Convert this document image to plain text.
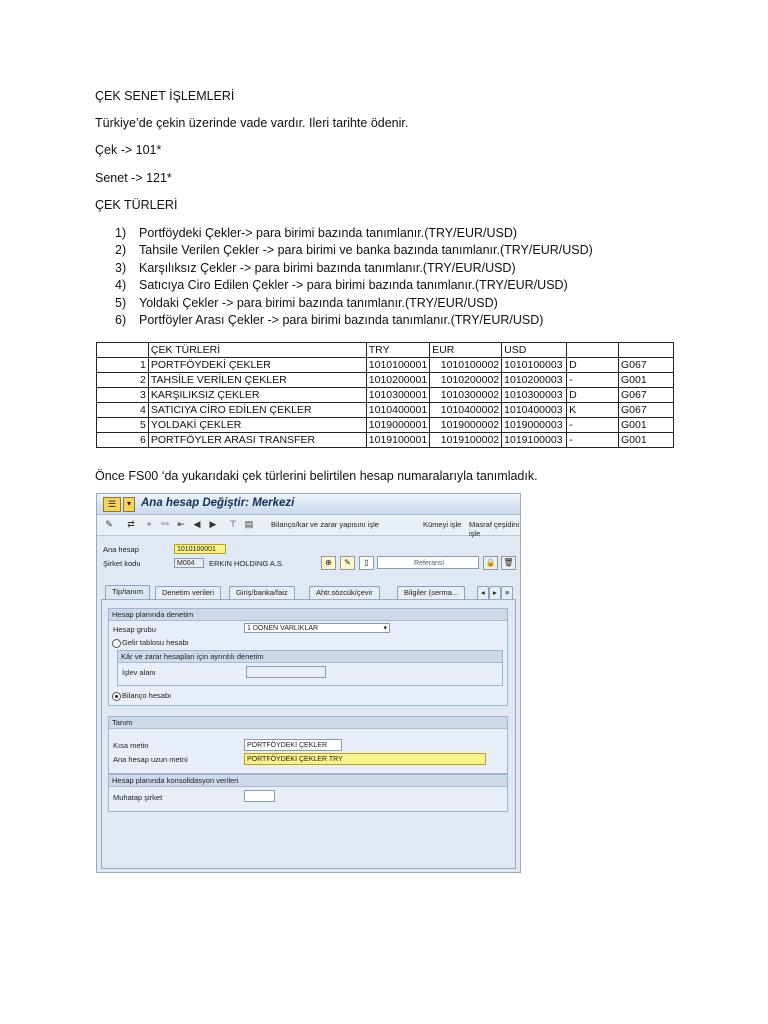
ÇEK SENET İŞLEMLERİ
Türkiye’de çekin üzerinde vade vardır. Ileri tarihte ödenir.
Çek -> 101*
Senet -> 121*
ÇEK TÜRLERİ
1) Portföydeki Çekler-> para birimi bazında tanımlanır.(TRY/EUR/USD)
2) Tahsile Verilen Çekler -> para birimi ve banka bazında tanımlanır.(TRY/EUR/USD)
3) Karşılıksız Çekler -> para birimi bazında tanımlanır.(TRY/EUR/USD)
4) Satıcıya Ciro Edilen Çekler -> para birimi bazında tanımlanır.(TRY/EUR/USD)
5) Yoldaki Çekler -> para birimi bazında tanımlanır.(TRY/EUR/USD)
6) Portföyler Arası Çekler -> para birimi bazında tanımlanır.(TRY/EUR/USD)
Önce FS00 ‘da yukarıdaki çek türlerini belirtilen hesap numaralarıyla tanımladık.
	ÇEK TÜRLERİ	TRY	EUR	USD		
1	PORTFÖYDEKİ ÇEKLER	1010100001	1010100002	1010100003	D	G067
2	TAHSİLE VERİLEN ÇEKLER	1010200001	1010200002	1010200003	-	G001
3	KARŞILIKSIZ ÇEKLER	1010300001	1010300002	1010300003	D	G067
4	SATICIYA CİRO EDİLEN ÇEKLER	1010400001	1010400002	1010400003	K	G067
5	YOLDAKİ ÇEKLER	1019000001	1019000002	1019000003	-	G001
6	PORTFÖYLER ARASI TRANSFER	1019100001	1019100002	1019100003	-	G001
☰	▾ Ana hesap Değiştir: Merkezi
✎ ⇄ ⚭ ⚯ ⇤ ◀ ▶ ⊤ ▤ Bilanço/kar ve zarar yapısını işle	Kümeyi işle Masraf çeşidini işle
Ana hesap	1010100001
Şirket kodu	M004	ERKIN HOLDING A.S.	⊕	✎	▯	Referansl	🔒 🗑
Tip/tanım	Denetim verileri	Giriş/banka/faiz	Ahtr.sözcük/çevir	Bilgiler (serma...	◂	▸	≡
Hesap planında denetim
Hesap grubu	1 DONEN VARLIKLAR	▾
Gelir tablosu hesabı
Kâr ve zarar hesapları için ayrıntılı denetim
İşlev alanı
Bilanço hesabı
Tanım
Kısa metin	PORTFÖYDEKİ ÇEKLER
Ana hesap uzun metni	PORTFÖYDEKİ ÇEKLER TRY
Hesap planında konsolidasyon verileri
Muhatap şirket
